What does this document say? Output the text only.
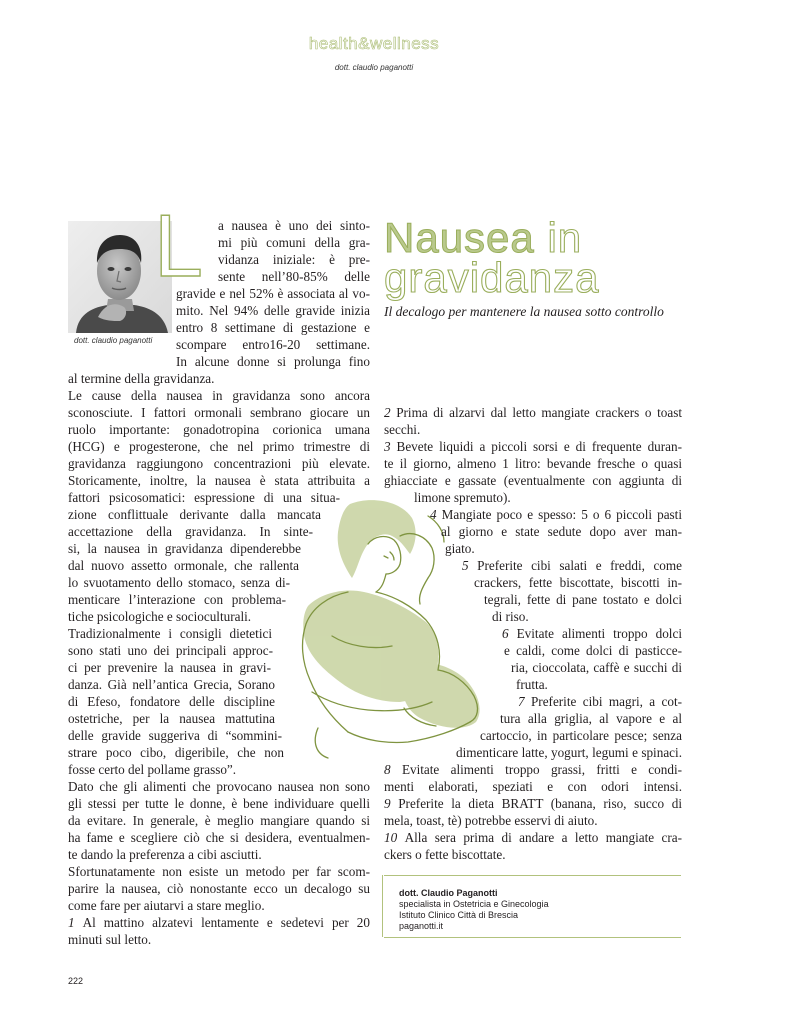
health&wellness
dott. claudio paganotti
dott. claudio paganotti
L	Nausea in
gravidanza
Il decalogo per mantenere la nausea sotto controllo
a nausea è uno dei sinto-
mi più comuni della gra-
vidanza iniziale: è pre-
sente nell’80-85% delle
gravide e nel 52% è associata al vo-
mito. Nel 94% delle gravide inizia
entro 8 settimane di gestazione e
scompare entro16-20 settimane.
In alcune donne si prolunga fino
al termine della gravidanza.
Le cause della nausea in gravidanza sono ancora
sconosciute. I fattori ormonali sembrano giocare un
ruolo importante: gonadotropina corionica umana
(HCG) e progesterone, che nel primo trimestre di
gravidanza raggiungono concentrazioni più elevate.
Storicamente, inoltre, la nausea è stata attribuita a
fattori psicosomatici: espressione di una situa-
zione conflittuale derivante dalla mancata
accettazione della gravidanza. In sinte-
si, la nausea in gravidanza dipenderebbe
dal nuovo assetto ormonale, che rallenta
lo svuotamento dello stomaco, senza di-
menticare l’interazione con problema-
tiche psicologiche e socioculturali.
Tradizionalmente i consigli dietetici
sono stati uno dei principali approc-
ci per prevenire la nausea in gravi-
danza. Già nell’antica Grecia, Sorano
di Efeso, fondatore delle discipline
ostetriche, per la nausea mattutina
delle gravide suggeriva di “sommini-
strare poco cibo, digeribile, che non
fosse certo del pollame grasso”.
Dato che gli alimenti che provocano nausea non sono
gli stessi per tutte le donne, è bene individuare quelli
da evitare. In generale, è meglio mangiare quando si
ha fame e scegliere ciò che si desidera, eventualmen-
te dando la preferenza a cibi asciutti.
Sfortunatamente non esiste un metodo per far scom-
parire la nausea, ciò nonostante ecco un decalogo su
come fare per aiutarvi a stare meglio.
1 Al mattino alzatevi lentamente e sedetevi per 20
minuti sul letto.
2 Prima di alzarvi dal letto mangiate crackers o toast
secchi.
3 Bevete liquidi a piccoli sorsi e di frequente duran-
te il giorno, almeno 1 litro: bevande fresche o quasi
ghiacciate e gassate (eventualmente con aggiunta di
limone spremuto).
4 Mangiate poco e spesso: 5 o 6 piccoli pasti
al giorno e state sedute dopo aver man-
giato.
5 Preferite cibi salati e freddi, come
crackers, fette biscottate, biscotti in-
tegrali, fette di pane tostato e dolci
di riso.
6 Evitate alimenti troppo dolci
e caldi, come dolci di pasticce-
ria, cioccolata, caffè e succhi di
frutta.
7 Preferite cibi magri, a cot-
tura alla griglia, al vapore e al
cartoccio, in particolare pesce; senza
dimenticare latte, yogurt, legumi e spinaci.
8 Evitate alimenti troppo grassi, fritti e condi-
menti elaborati, speziati e con odori intensi.
9 Preferite la dieta BRATT (banana, riso, succo di
mela, toast, tè) potrebbe esservi di aiuto.
10 Alla sera prima di andare a letto mangiate cra-
ckers o fette biscottate.
dott. Claudio Paganotti
specialista in Ostetricia e Ginecologia
Istituto Clinico Città di Brescia
paganotti.it
222
